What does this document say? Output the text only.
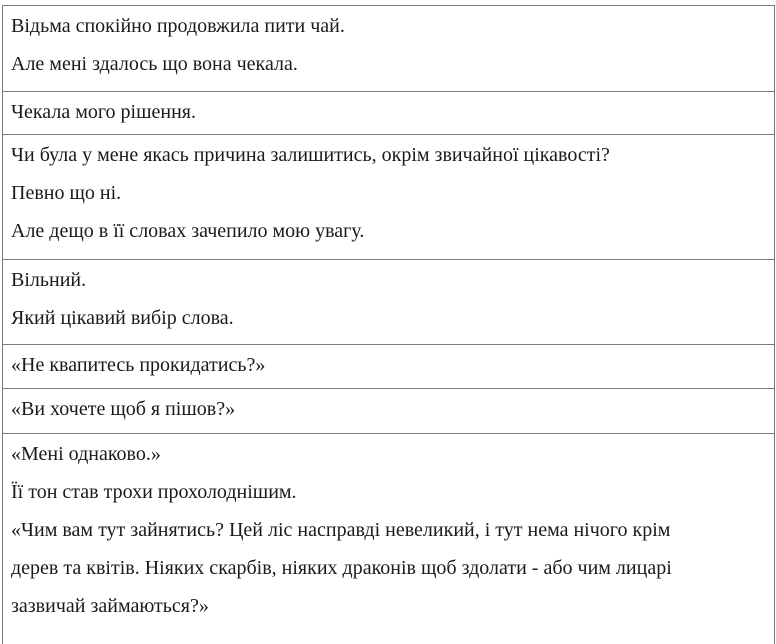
Відьма спокійно продовжила пити чай.
Але мені здалось що вона чекала.
Чекала мого рішення.
Чи була у мене якась причина залишитись, окрім звичайної цікавості?
Певно що ні.
Але дещо в її словах зачепило мою увагу.
Вільний.
Який цікавий вибір слова.
«Не квапитесь прокидатись?»
«Ви хочете щоб я пішов?»
«Мені однаково.»
Її тон став трохи прохолоднішим.
«Чим вам тут зайнятись? Цей ліс насправді невеликий, і тут нема нічого крім
дерев та квітів. Ніяких скарбів, ніяких драконів щоб здолати - або чим лицарі
зазвичай займаються?»
